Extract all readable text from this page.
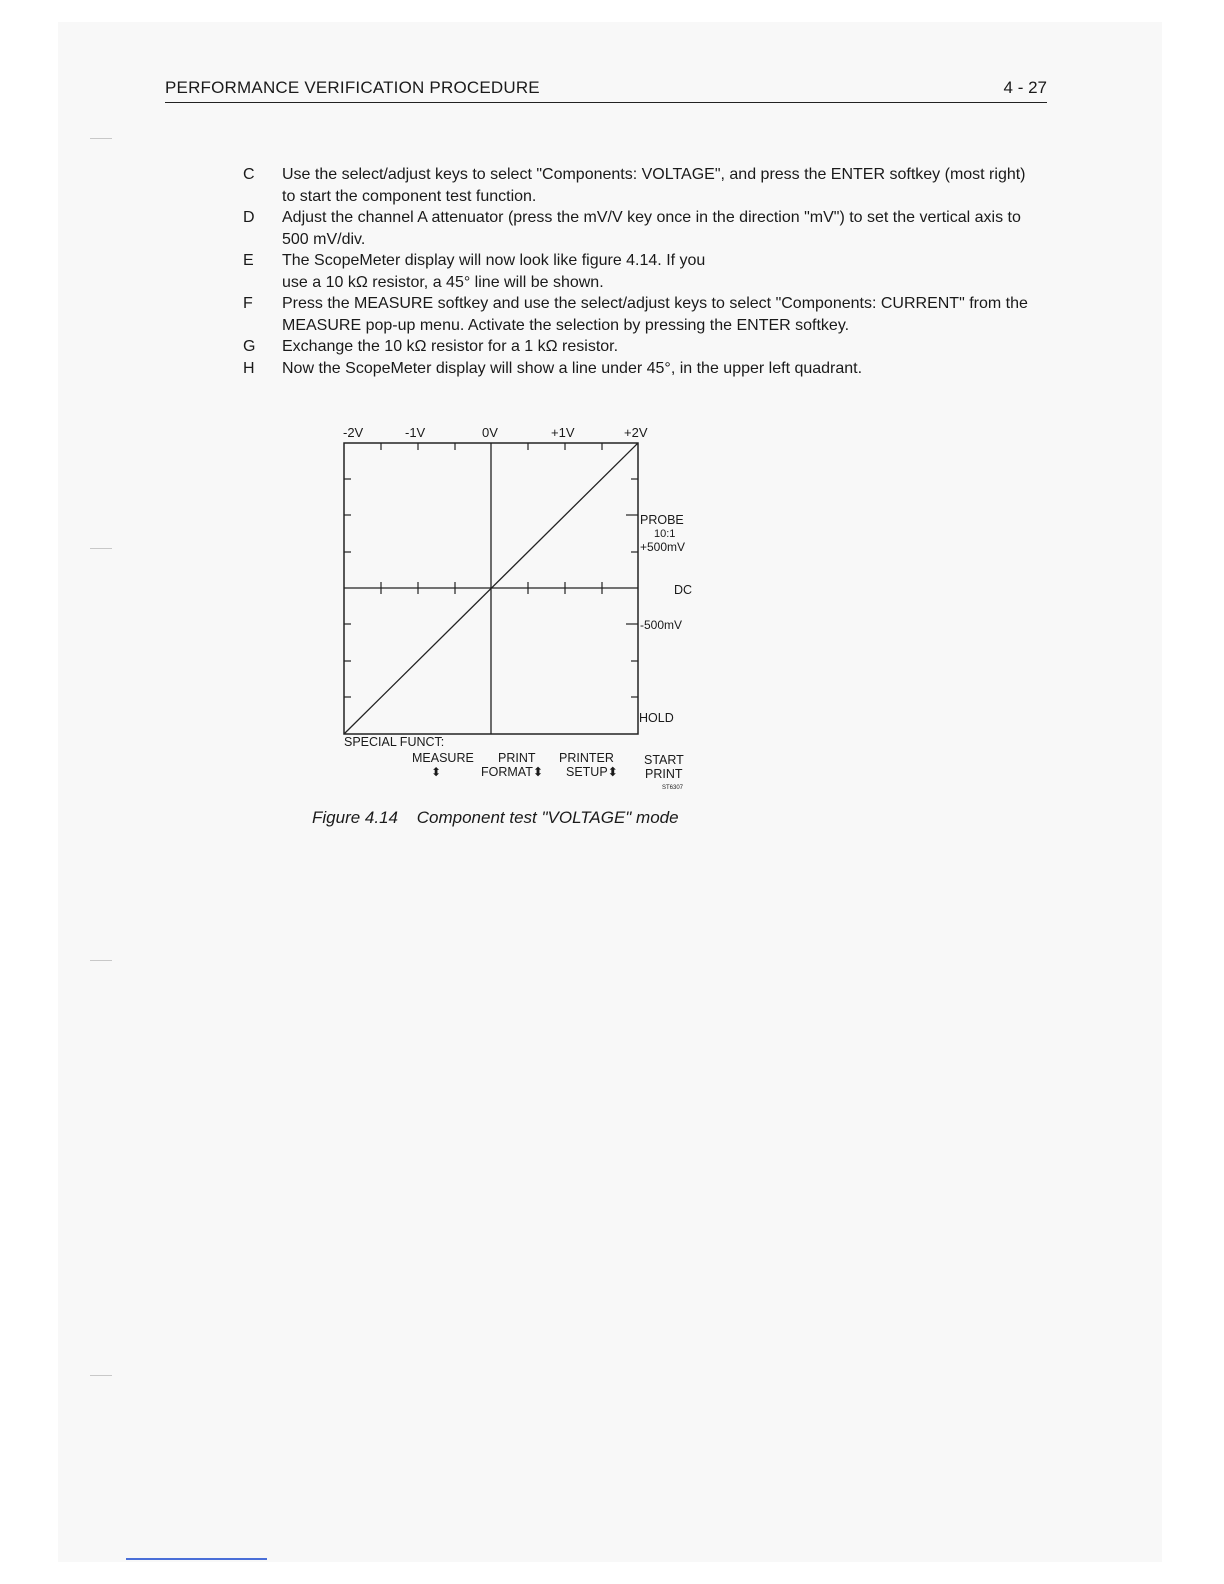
PERFORMANCE VERIFICATION PROCEDURE	4 - 27
C	Use the select/adjust keys to select "Components: VOLTAGE", and press the ENTER softkey (most right) to start the component test function.
D	Adjust the channel A attenuator (press the mV/V key once in the direction "mV") to set the vertical axis to 500 mV/div.
E	The ScopeMeter display will now look like figure 4.14. If you use a 10 kΩ resistor, a 45° line will be shown.
F	Press the MEASURE softkey and use the select/adjust keys to select "Components: CURRENT" from the MEASURE pop-up menu. Activate the selection by pressing the ENTER softkey.
G	Exchange the 10 kΩ resistor for a 1 kΩ resistor.
H	Now the ScopeMeter display will show a line under 45°, in the upper left quadrant.
-2V	-1V	0V	+1V	+2V
PROBE
10:1
+500mV
DC
-500mV
HOLD
SPECIAL FUNCT:
MEASURE
⬍
PRINT
FORMAT⬍
PRINTER
SETUP⬍
START
PRINT
ST6307
Figure 4.14 Component test "VOLTAGE" mode
